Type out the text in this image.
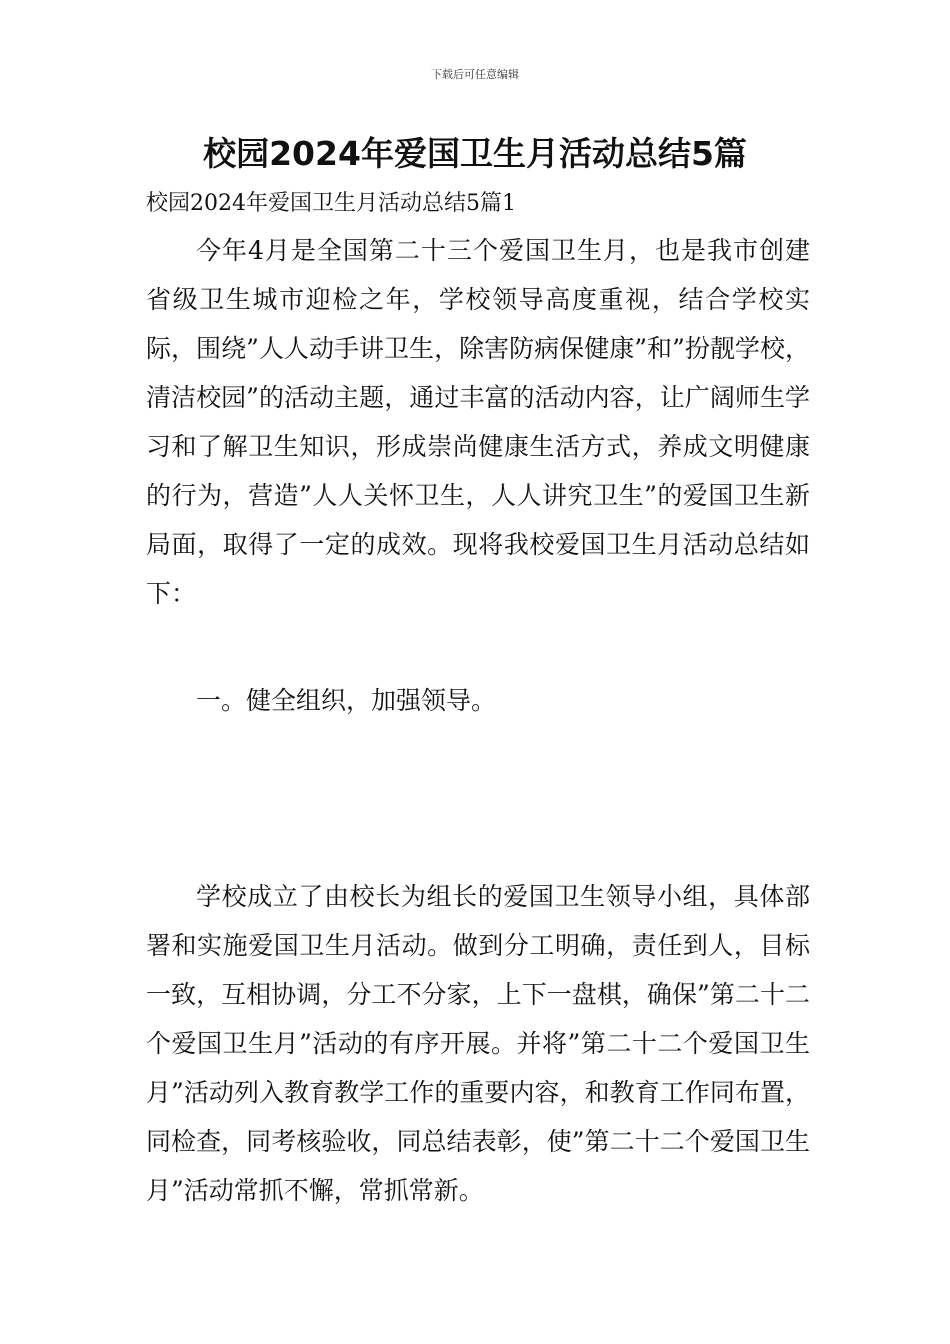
下载后可任意编辑
校园2024年爱国卫生月活动总结5篇
校园2024年爱国卫生月活动总结5篇1

今年4月是全国第二十三个爱国卫生月，也是我市创建省级卫生城市迎检之年，学校领导高度重视，结合学校实际，围绕”人人动手讲卫生，除害防病保健康”和”扮靓学校，清洁校园”的活动主题，通过丰富的活动内容，让广阔师生学习和了解卫生知识，形成崇尚健康生活方式，养成文明健康的行为，营造”人人关怀卫生，人人讲究卫生”的爱国卫生新局面，取得了一定的成效。现将我校爱国卫生月活动总结如下：

一。健全组织，加强领导。

学校成立了由校长为组长的爱国卫生领导小组，具体部署和实施爱国卫生月活动。做到分工明确，责任到人，目标一致，互相协调，分工不分家，上下一盘棋，确保”第二十二个爱国卫生月”活动的有序开展。并将”第二十二个爱国卫生月”活动列入教育教学工作的重要内容，和教育工作同布置，同检查，同考核验收，同总结表彰，使”第二十二个爱国卫生月”活动常抓不懈，常抓常新。
